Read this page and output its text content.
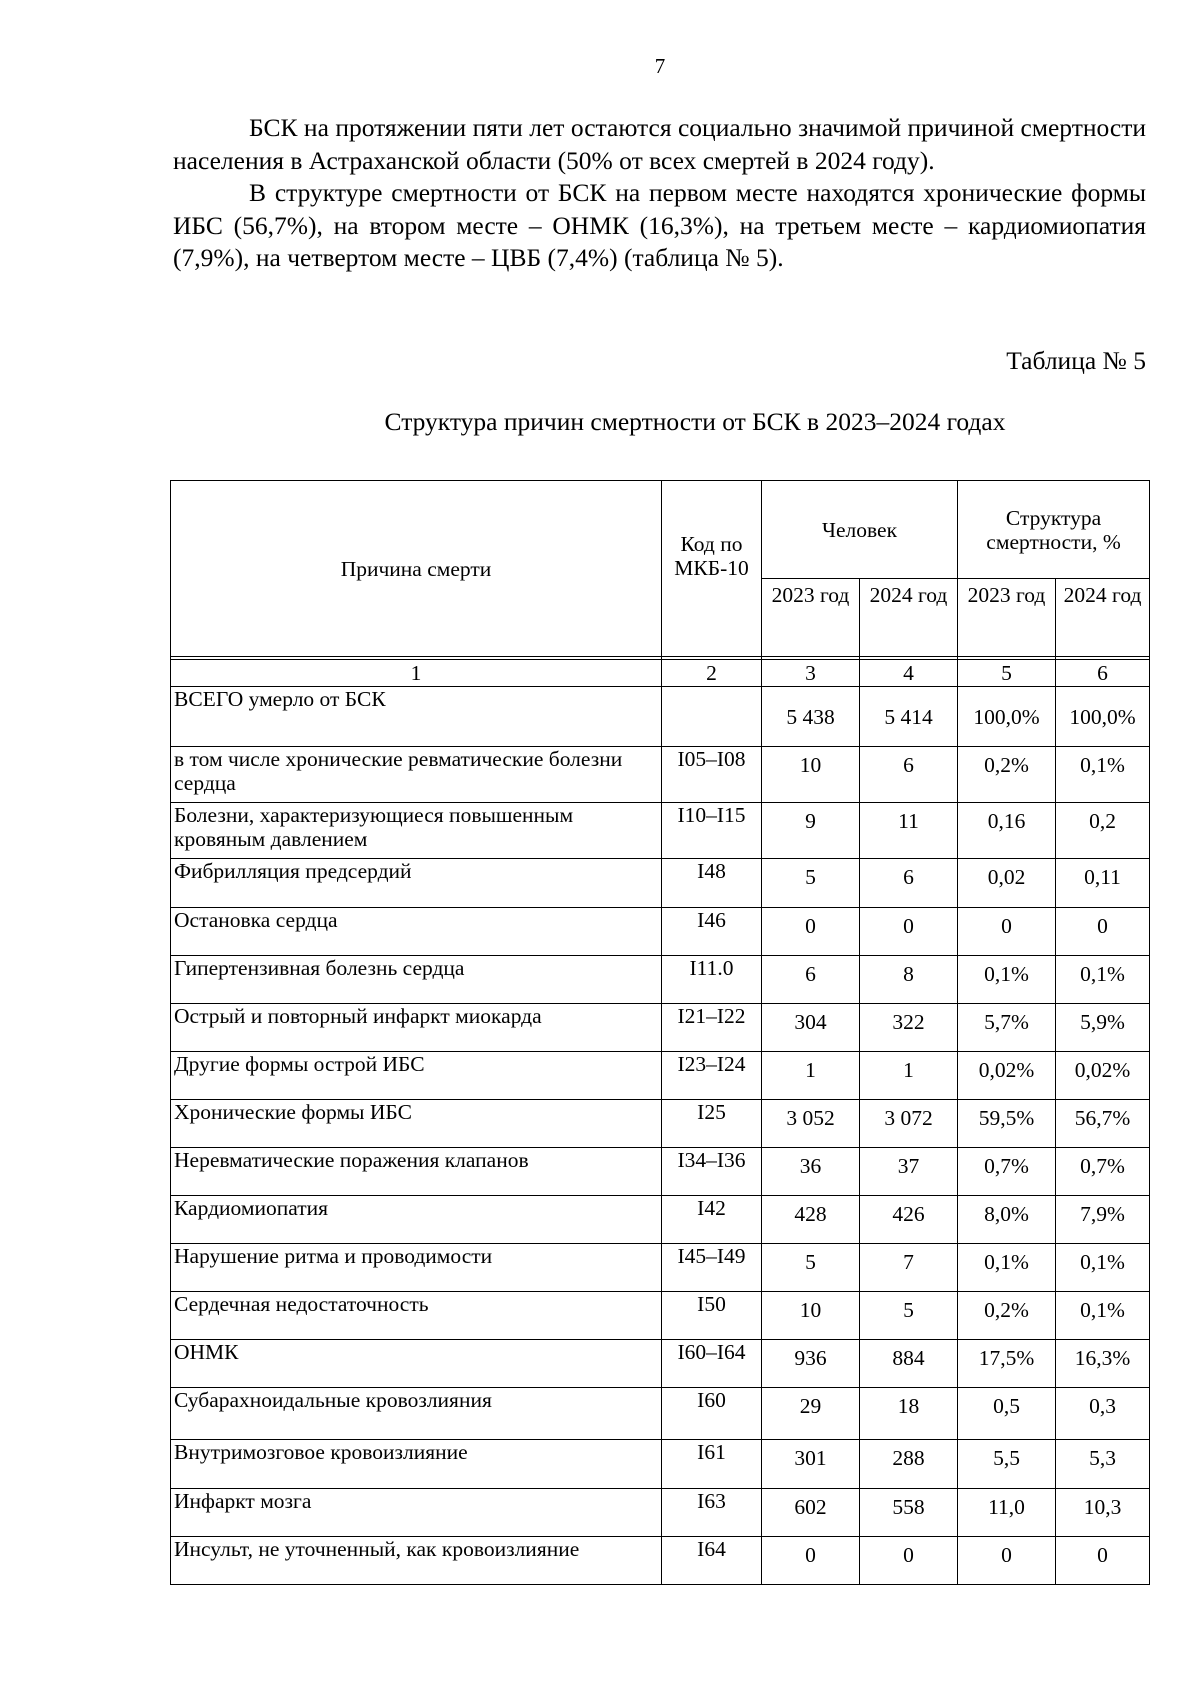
7

БСК на протяжении пяти лет остаются социально значимой причиной смертности населения в Астраханской области (50% от всех смертей в 2024 году).

В структуре смертности от БСК на первом месте находятся хронические формы ИБС (56,7%), на втором месте – ОНМК (16,3%), на третьем месте – кардиомиопатия (7,9%), на четвертом месте – ЦВБ (7,4%) (таблица № 5).

Таблица № 5
Структура причин смертности от БСК в 2023–2024 годах
Причина смерти	Код по МКБ-10	Человек		Структура смертности, %	
		2023 год	2024 год	2023 год	2024 год

1	2	3	4	5	6
ВСЕГО умерло от БСК		5 438	5 414	100,0%	100,0%
в том числе хронические ревматические болезни сердца	I05–I08	10	6	0,2%	0,1%
Болезни, характеризующиеся повышенным кровяным давлением	I10–I15	9	11	0,16	0,2
Фибрилляция предсердий	I48	5	6	0,02	0,11
Остановка сердца	I46	0	0	0	0
Гипертензивная болезнь сердца	I11.0	6	8	0,1%	0,1%
Острый и повторный инфаркт миокарда	I21–I22	304	322	5,7%	5,9%
Другие формы острой ИБС	I23–I24	1	1	0,02%	0,02%
Хронические формы ИБС	I25	3 052	3 072	59,5%	56,7%
Неревматические поражения клапанов	I34–I36	36	37	0,7%	0,7%
Кардиомиопатия	I42	428	426	8,0%	7,9%
Нарушение ритма и проводимости	I45–I49	5	7	0,1%	0,1%
Сердечная недостаточность	I50	10	5	0,2%	0,1%
ОНМК	I60–I64	936	884	17,5%	16,3%
Субарахноидальные кровозлияния	I60	29	18	0,5	0,3
Внутримозговое кровоизлияние	I61	301	288	5,5	5,3
Инфаркт мозга	I63	602	558	11,0	10,3
Инсульт, не уточненный, как кровоизлияние	I64	0	0	0	0
